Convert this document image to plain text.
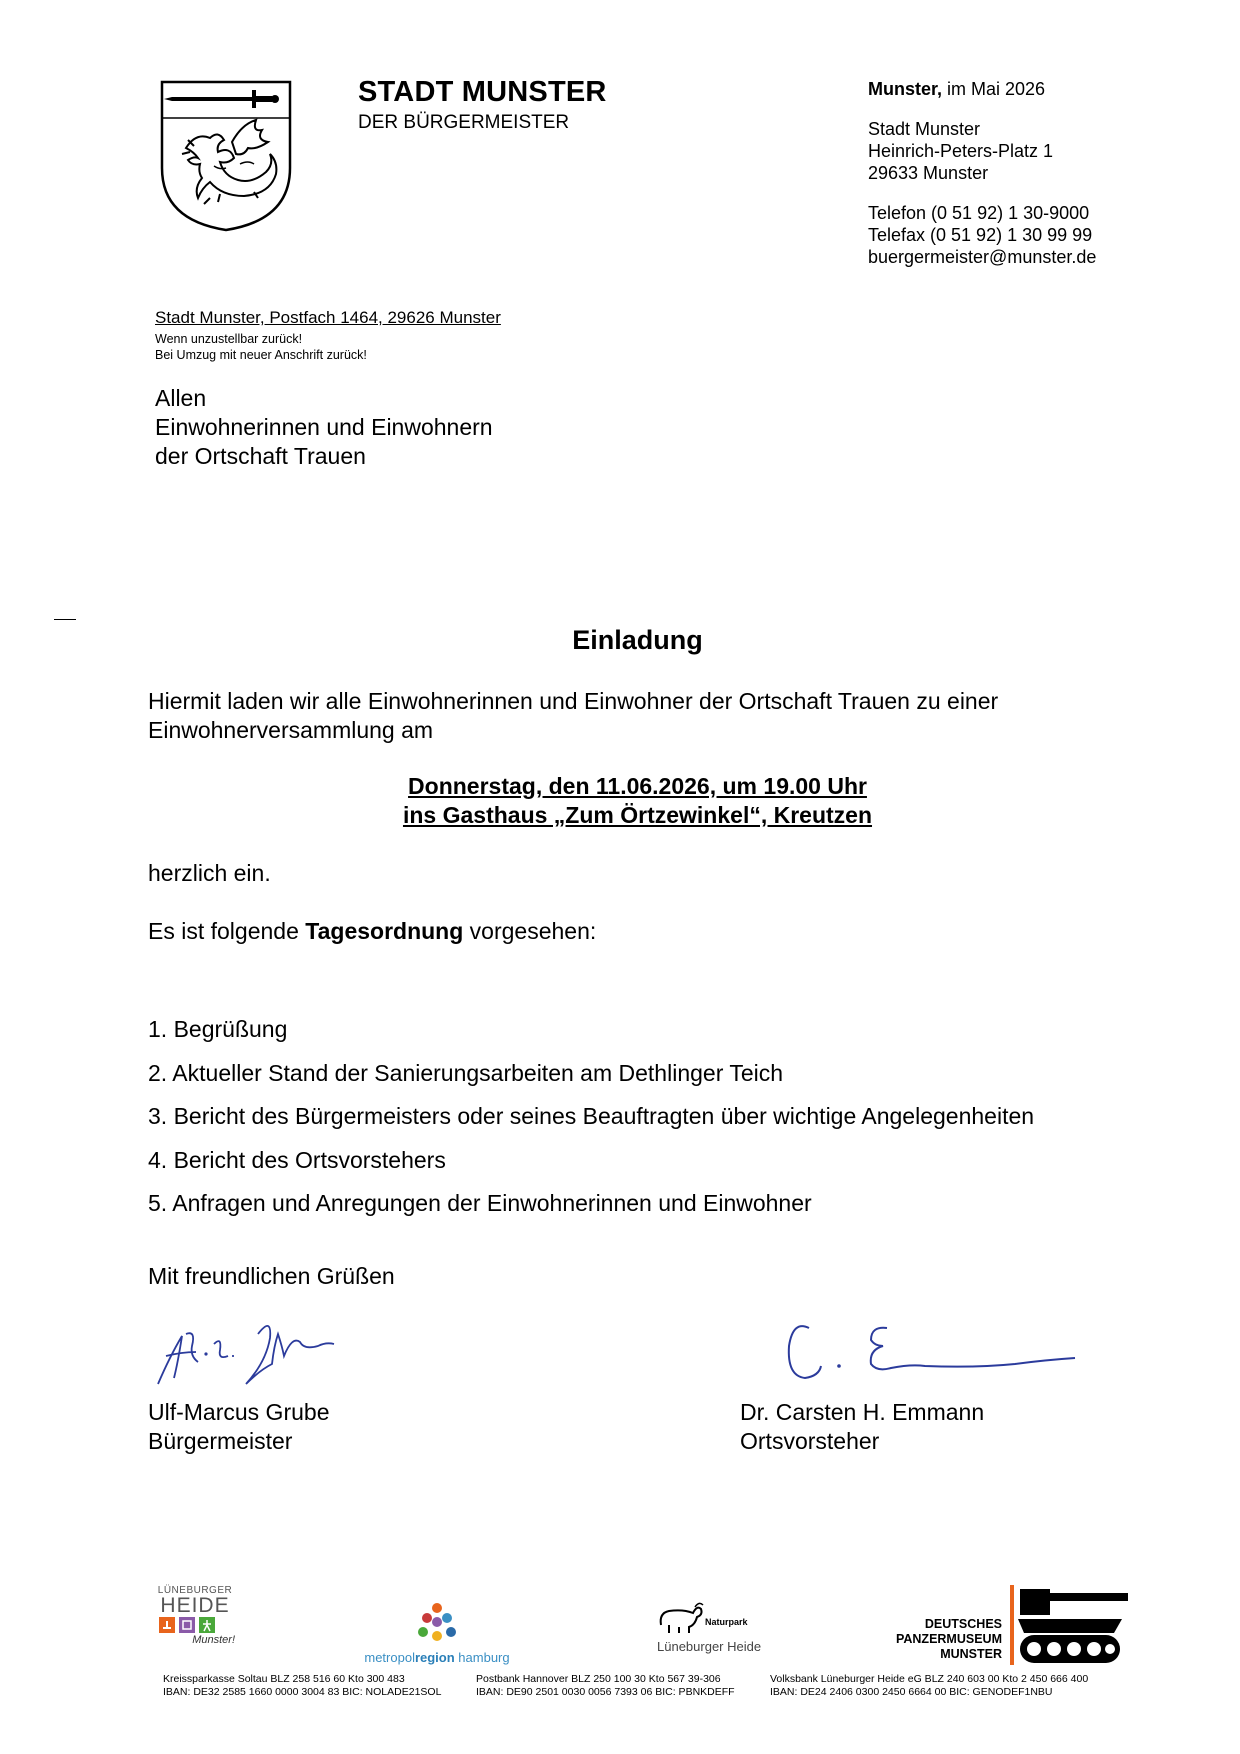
STADT MUNSTER
DER BÜRGERMEISTER
Munster, im Mai 2026
Stadt Munster
Heinrich-Peters-Platz 1
29633 Munster
Telefon (0 51 92) 1 30-9000
Telefax (0 51 92) 1 30 99 99
buergermeister@munster.de
Stadt Munster, Postfach 1464, 29626 Munster
Wenn unzustellbar zurück!
Bei Umzug mit neuer Anschrift zurück!
Allen
Einwohnerinnen und Einwohnern
der Ortschaft Trauen
Einladung
Hiermit laden wir alle Einwohnerinnen und Einwohner der Ortschaft Trauen zu einer
Einwohnerversammlung am
Donnerstag, den 11.06.2026, um 19.00 Uhr
ins Gasthaus „Zum Örtzewinkel“, Kreutzen
herzlich ein.
Es ist folgende Tagesordnung vorgesehen:
1. Begrüßung
2. Aktueller Stand der Sanierungsarbeiten am Dethlinger Teich
3. Bericht des Bürgermeisters oder seines Beauftragten über wichtige Angelegenheiten
4. Bericht des Ortsvorstehers
5. Anfragen und Anregungen der Einwohnerinnen und Einwohner
Mit freundlichen Grüßen
Ulf-Marcus Grube
Bürgermeister
Dr. Carsten H. Emmann
Ortsvorsteher
LÜNEBURGER
HEIDE
Munster!
metropolregion hamburg
Naturpark
Lüneburger Heide
DEUTSCHES
PANZERMUSEUM
MUNSTER
Kreissparkasse Soltau BLZ 258 516 60 Kto 300 483
IBAN: DE32 2585 1660 0000 3004 83 BIC: NOLADE21SOL
Postbank Hannover BLZ 250 100 30 Kto 567 39-306
IBAN: DE90 2501 0030 0056 7393 06 BIC: PBNKDEFF
Volksbank Lüneburger Heide eG BLZ 240 603 00 Kto 2 450 666 400
IBAN: DE24 2406 0300 2450 6664 00 BIC: GENODEF1NBU
